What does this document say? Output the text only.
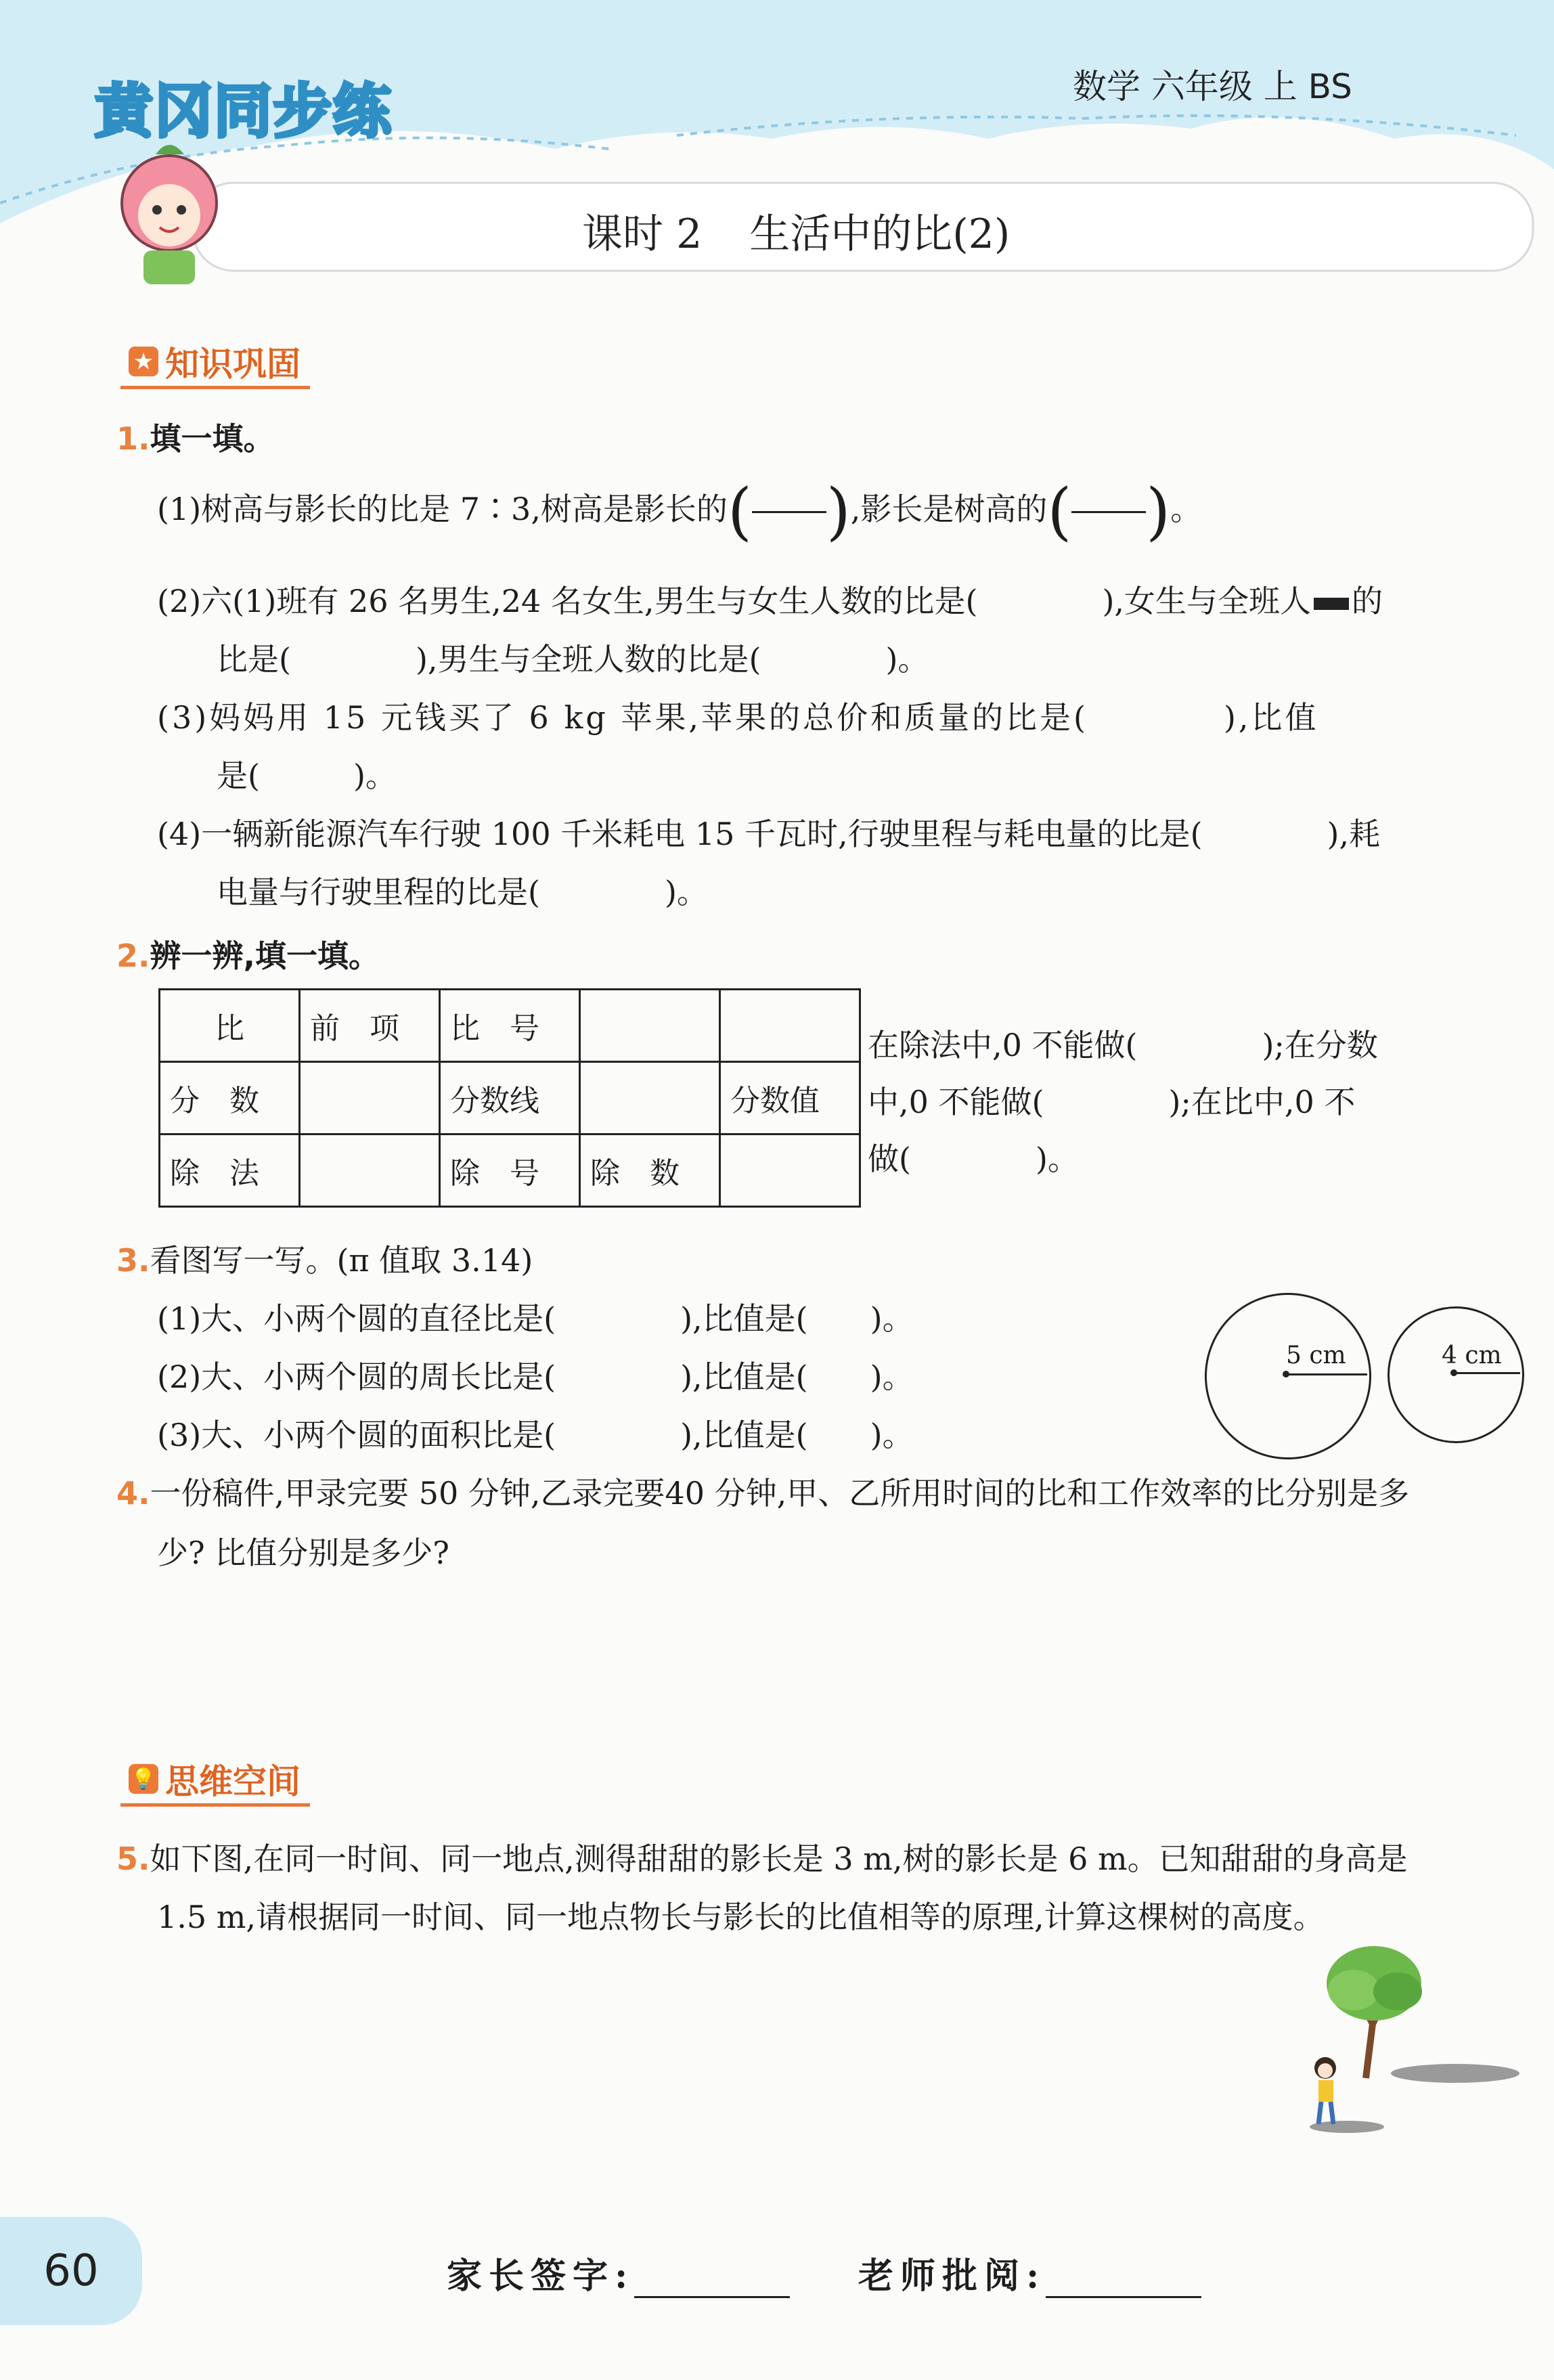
黄冈同步练	数学 六年级 上 BS
课时 2 生活中的比(2)
★ 知识巩固
1.填一填。
(1)树高与影长的比是 7∶3,树高是影长的( ),影长是树高的( )。
(2)六(1)班有 26 名男生,24 名女生,男生与女生人数的比是(　　　　),女生与全班人 的
比是(　　　　),男生与全班人数的比是(　　　　)。
(3)妈妈用 15 元钱买了 6 kg 苹果,苹果的总价和质量的比是(　　　　),比值
是(　　　)。
(4)一辆新能源汽车行驶 100 千米耗电 15 千瓦时,行驶里程与耗电量的比是(　　　　),耗
电量与行驶里程的比是(　　　　)。
2.辨一辨,填一填。
比	前　项	比　号		
分　数		分数线		分数值
除　法		除　号	除　数	
在除法中,0 不能做(　　　　);在分数
中,0 不能做(　　　　);在比中,0 不
做(　　　　)。
3.看图写一写。(π 值取 3.14)
(1)大、小两个圆的直径比是(　　　　),比值是(　　)。
(2)大、小两个圆的周长比是(　　　　),比值是(　　)。
(3)大、小两个圆的面积比是(　　　　),比值是(　　)。
5 cm	4 cm
4.一份稿件,甲录完要 50 分钟,乙录完要40 分钟,甲、乙所用时间的比和工作效率的比分别是多
少? 比值分别是多少?
💡 思维空间
5.如下图,在同一时间、同一地点,测得甜甜的影长是 3 m,树的影长是 6 m。已知甜甜的身高是
1.5 m,请根据同一时间、同一地点物长与影长的比值相等的原理,计算这棵树的高度。
60	家长签字:	老师批阅:
